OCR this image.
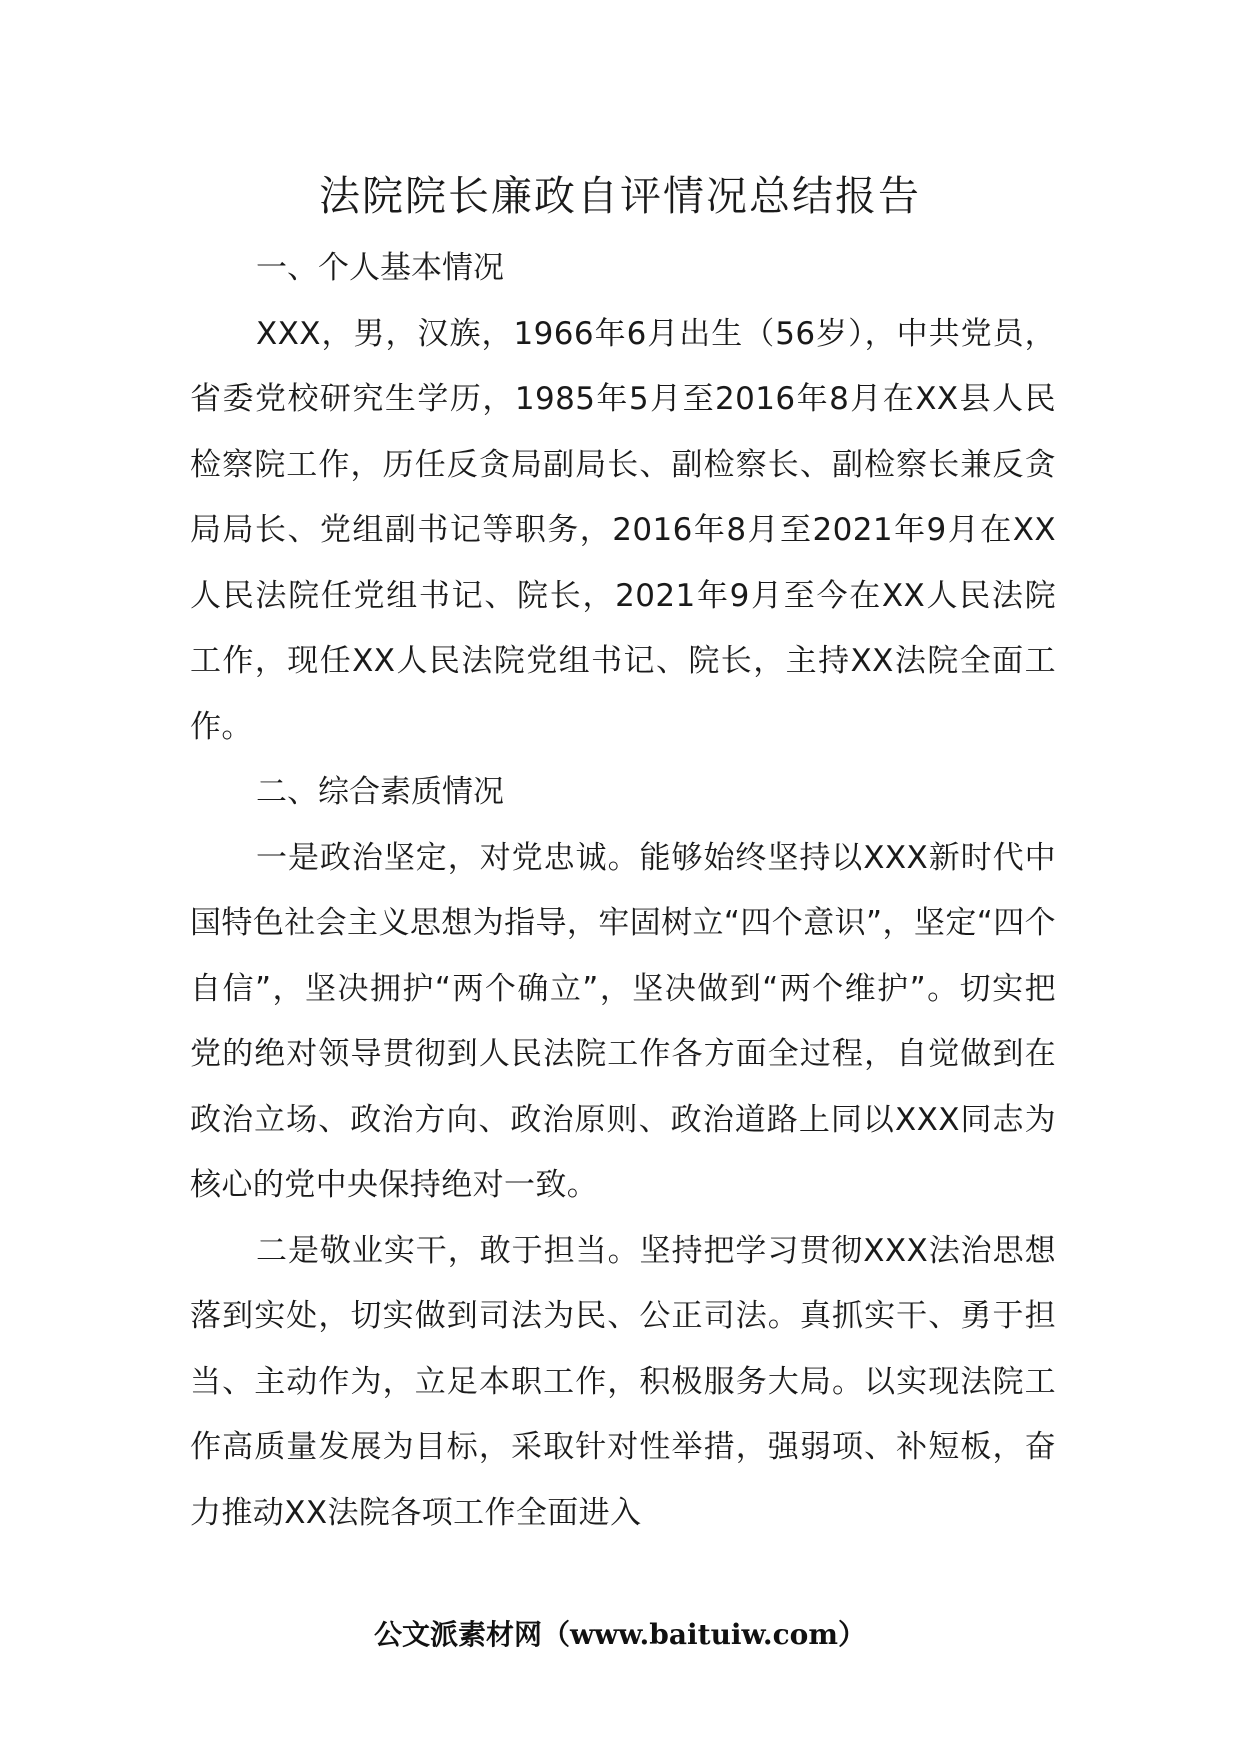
法院院长廉政自评情况总结报告

一、个人基本情况

XXX，男，汉族，1966年6月出生（56岁），中共党员，省委党校研究生学历，1985年5月至2016年8月在XX县人民检察院工作，历任反贪局副局长、副检察长、副检察长兼反贪局局长、党组副书记等职务，2016年8月至2021年9月在XX人民法院任党组书记、院长，2021年9月至今在XX人民法院工作，现任XX人民法院党组书记、院长，主持XX法院全面工作。

二、综合素质情况

一是政治坚定，对党忠诚。能够始终坚持以XXX新时代中国特色社会主义思想为指导，牢固树立“四个意识”，坚定“四个自信”，坚决拥护“两个确立”，坚决做到“两个维护”。切实把党的绝对领导贯彻到人民法院工作各方面全过程，自觉做到在政治立场、政治方向、政治原则、政治道路上同以XXX同志为核心的党中央保持绝对一致。

二是敬业实干，敢于担当。坚持把学习贯彻XXX法治思想落到实处，切实做到司法为民、公正司法。真抓实干、勇于担当、主动作为，立足本职工作，积极服务大局。以实现法院工作高质量发展为目标，采取针对性举措，强弱项、补短板，奋力推动XX法院各项工作全面进入

公文派素材网（www.baituiw.com）
